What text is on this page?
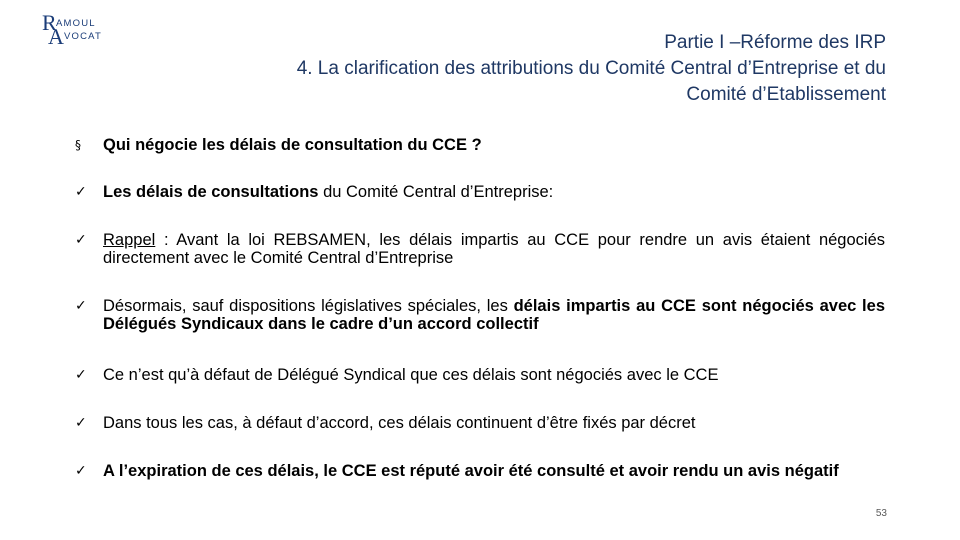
R AMOUL
A VOCAT	Partie I –Réforme des IRP
4. La clarification des attributions du Comité Central d’Entreprise et du
Comité d’Etablissement
§	Qui négocie les délais de consultation du CCE ?
✓ Les délais de consultations du Comité Central d’Entreprise:
✓ Rappel : Avant la loi REBSAMEN, les délais impartis au CCE pour rendre un avis étaient négociés directement avec le Comité Central d’Entreprise
✓ Désormais, sauf dispositions législatives spéciales, les délais impartis au CCE sont négociés avec les Délégués Syndicaux dans le cadre d’un accord collectif
✓ Ce n’est qu’à défaut de Délégué Syndical que ces délais sont négociés avec le CCE
✓ Dans tous les cas, à défaut d’accord, ces délais continuent d’être fixés par décret
✓ A l’expiration de ces délais, le CCE est réputé avoir été consulté et avoir rendu un avis négatif
53
